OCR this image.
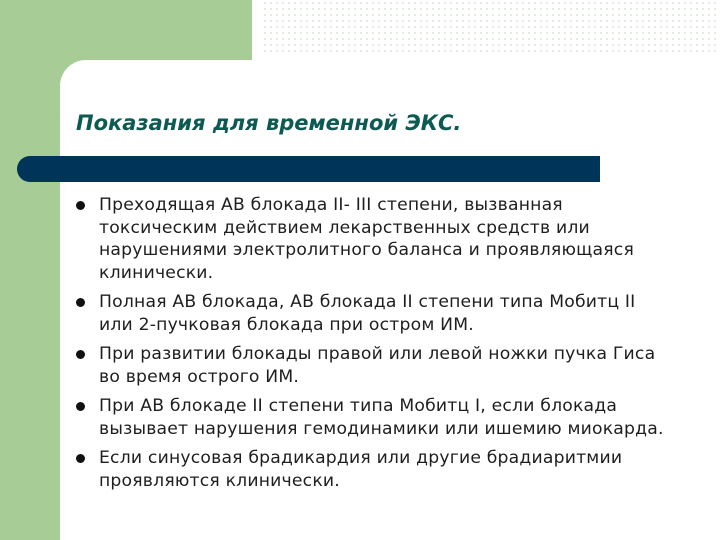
Показания для временной ЭКС.
Преходящая АВ блокада II- III степени, вызванная токсическим действием лекарственных средств или нарушениями электролитного баланса и проявляющаяся клинически.
Полная АВ блокада, АВ блокада II степени типа Мобитц II или 2-пучковая блокада при остром ИМ.
При развитии блокады правой или левой ножки пучка Гиса во время острого ИМ.
При АВ блокаде II степени типа Мобитц I, если блокада вызывает нарушения гемодинамики или ишемию миокарда.
Если синусовая брадикардия или другие брадиаритмии проявляются клинически.
